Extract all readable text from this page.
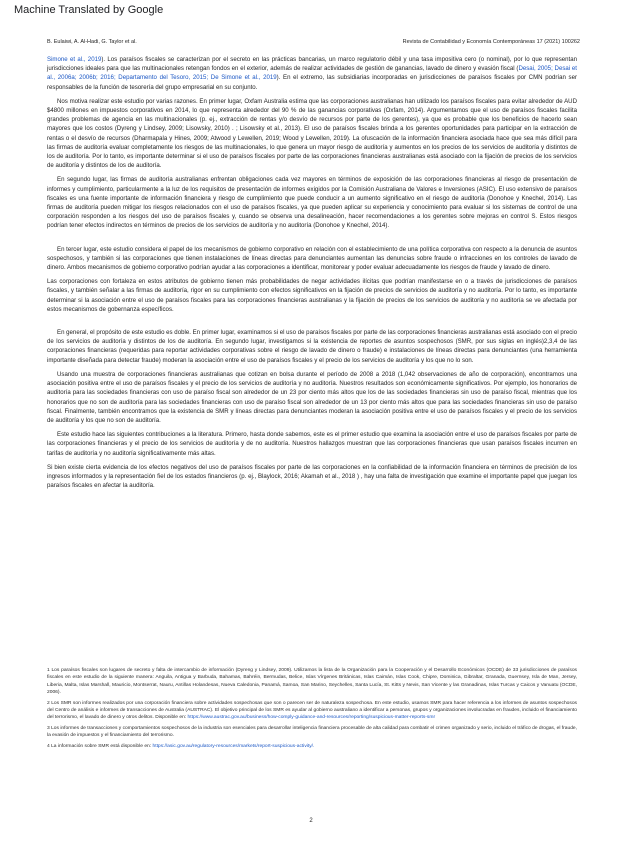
Machine Translated by Google
B. Eulaiwi, A. Al-Hadi, G. Taylor et al.	Revista de Contabilidad y Economía Contemporáneas 17 (2021) 100262

Simone et al., 2019). Los paraísos fiscales se caracterizan por el secreto en las prácticas bancarias, un marco regulatorio débil y una tasa impositiva cero (o nominal), por lo que representan jurisdicciones ideales para que las multinacionales retengan fondos en el exterior, además de realizar actividades de gestión de ganancias, lavado de dinero y evasión fiscal (Desai, 2005; Desai et al., 2006a; 2006b; 2016; Departamento del Tesoro, 2015; De Simone et al., 2019). En el extremo, las subsidiarias incorporadas en jurisdicciones de paraísos fiscales por CMN podrían ser responsables de la función de tesorería del grupo empresarial en su conjunto.

Nos motiva realizar este estudio por varias razones. En primer lugar, Oxfam Australia estima que las corporaciones australianas han utilizado los paraísos fiscales para evitar alrededor de AUD $4800 millones en impuestos corporativos en 2014, lo que representa alrededor del 90 % de las ganancias corporativas (Oxfam, 2014). Argumentamos que el uso de paraísos fiscales facilita grandes problemas de agencia en las multinacionales (p. ej., extracción de rentas y/o desvío de recursos por parte de los gerentes), ya que es probable que los beneficios de hacerlo sean mayores que los costos (Dyreng y Lindsey, 2009; Lisowsky, 2010) . ; Lisowsky et al., 2013). El uso de paraísos fiscales brinda a los gerentes oportunidades para participar en la extracción de rentas o el desvío de recursos (Dharmapala y Hines, 2009; Atwood y Lewellen, 2019; Wood y Lewellen, 2019). La ofuscación de la información financiera asociada hace que sea más difícil para las firmas de auditoría evaluar completamente los riesgos de las multinacionales, lo que genera un mayor riesgo de auditoría y aumentos en los precios de los servicios de auditoría y distintos de los de auditoría. Por lo tanto, es importante determinar si el uso de paraísos fiscales por parte de las corporaciones financieras australianas está asociado con la fijación de precios de los servicios de auditoría y distintos de los de auditoría.

En segundo lugar, las firmas de auditoría australianas enfrentan obligaciones cada vez mayores en términos de exposición de las corporaciones financieras al riesgo de presentación de informes y cumplimiento, particularmente a la luz de los requisitos de presentación de informes exigidos por la Comisión Australiana de Valores e Inversiones (ASIC). El uso extensivo de paraísos fiscales es una fuente importante de información financiera y riesgo de cumplimiento que puede conducir a un aumento significativo en el riesgo de auditoría (Donohoe y Knechel, 2014). Las firmas de auditoría pueden mitigar los riesgos relacionados con el uso de paraísos fiscales, ya que pueden aplicar su experiencia y conocimiento para evaluar si los sistemas de control de una corporación responden a los riesgos del uso de paraísos fiscales y, cuando se observa una desalineación, hacer recomendaciones a los gerentes sobre mejoras en control S. Estos riesgos podrían tener efectos indirectos en términos de precios de los servicios de auditoría y no auditoría (Donohoe y Knechel, 2014).

En tercer lugar, este estudio considera el papel de los mecanismos de gobierno corporativo en relación con el establecimiento de una política corporativa con respecto a la denuncia de asuntos sospechosos, y también si las corporaciones que tienen instalaciones de líneas directas para denunciantes aumentan las denuncias sobre fraude o infracciones en los controles de lavado de dinero. Ambos mecanismos de gobierno corporativo podrían ayudar a las corporaciones a identificar, monitorear y poder evaluar adecuadamente los riesgos de fraude y lavado de dinero.

Las corporaciones con fortaleza en estos atributos de gobierno tienen más probabilidades de negar actividades ilícitas que podrían manifestarse en o a través de jurisdicciones de paraísos fiscales, y también señalar a las firmas de auditoría, rigor en su cumplimiento con efectos significativos en la fijación de precios de servicios de auditoría y no auditoría. Por lo tanto, es importante determinar si la asociación entre el uso de paraísos fiscales para las corporaciones financieras australianas y la fijación de precios de los servicios de auditoría y no auditoría se ve afectada por estos mecanismos de gobernanza específicos.

En general, el propósito de este estudio es doble. En primer lugar, examinamos si el uso de paraísos fiscales por parte de las corporaciones financieras australianas está asociado con el precio de los servicios de auditoría y distintos de los de auditoría. En segundo lugar, investigamos si la existencia de reportes de asuntos sospechosos (SMR, por sus siglas en inglés)2,3,4 de las corporaciones financieras (requeridas para reportar actividades corporativas sobre el riesgo de lavado de dinero o fraude) e instalaciones de líneas directas para denunciantes (una herramienta importante diseñada para detectar fraude) moderan la asociación entre el uso de paraísos fiscales y el precio de los servicios de auditoría y los que no lo son.

Usando una muestra de corporaciones financieras australianas que cotizan en bolsa durante el período de 2008 a 2018 (1,042 observaciones de año de corporación), encontramos una asociación positiva entre el uso de paraísos fiscales y el precio de los servicios de auditoría y no auditoría. Nuestros resultados son económicamente significativos. Por ejemplo, los honorarios de auditoría para las sociedades financieras con uso de paraíso fiscal son alrededor de un 23 por ciento más altos que los de las sociedades financieras sin uso de paraíso fiscal, mientras que los honorarios que no son de auditoría para las sociedades financieras con uso de paraíso fiscal son alrededor de un 13 por ciento más altos que para las sociedades financieras sin uso de paraíso fiscal. Finalmente, también encontramos que la existencia de SMR y líneas directas para denunciantes moderan la asociación positiva entre el uso de paraísos fiscales y el precio de los servicios de auditoría y los que no son de auditoría.

Este estudio hace las siguientes contribuciones a la literatura. Primero, hasta donde sabemos, este es el primer estudio que examina la asociación entre el uso de paraísos fiscales por parte de las corporaciones financieras y el precio de los servicios de auditoría y de no auditoría. Nuestros hallazgos muestran que las corporaciones financieras que usan paraísos fiscales incurren en tarifas de auditoría y no auditoría significativamente más altas.

Si bien existe cierta evidencia de los efectos negativos del uso de paraísos fiscales por parte de las corporaciones en la confiabilidad de la información financiera en términos de precisión de los ingresos informados y la representación fiel de los estados financieros (p. ej., Blaylock, 2016; Akamah et al., 2018 ) , hay una falta de investigación que examine el importante papel que juegan los paraísos fiscales en afectar la auditoría.

1 Los paraísos fiscales son lugares de secreto y falta de intercambio de información (Dyreng y Lindsey, 2009). Utilizamos la lista de la Organización para la Cooperación y el Desarrollo Económicos (OCDE) de 33 jurisdicciones de paraísos fiscales en este estudio de la siguiente manera: Anguila, Antigua y Barbuda, Bahamas, Bahréin, Bermudas, Belice, Islas Vírgenes Británicas, Islas Caimán, Islas Cook, Chipre, Dominica, Gibraltar, Granada, Guernsey, Isla de Man, Jersey, Liberia, Malta, Islas Marshall, Mauricio, Montserrat, Nauru, Antillas Holandesas, Nueva Caledonia, Panamá, Samoa, San Marino, Seychelles, Santa Lucía, St. Kitts y Nevis, San Vicente y las Granadinas, Islas Turcas y Caicos y Vanuatu (OCDE, 2006).

2 Los SMR son informes realizados por una corporación financiera sobre actividades sospechosas que son o parecen ser de naturaleza sospechosa. En este estudio, usamos SMR para hacer referencia a los informes de asuntos sospechosos del Centro de análisis e informes de transacciones de Australia (AUSTRAC). El objetivo principal de los SMR es ayudar al gobierno australiano a identificar a personas, grupos y organizaciones involucradas en fraudes, incluido el financiamiento del terrorismo, el lavado de dinero y otros delitos. Disponible en: https://www.austrac.gov.au/business/how-comply-guidance-and-resources/reporting/suspicious-matter-reports-smr

3 Los informes de transacciones y comportamientos sospechosos de la industria son esenciales para desarrollar inteligencia financiera procesable de alta calidad para combatir el crimen organizado y serio, incluido el tráfico de drogas, el fraude, la evasión de impuestos y el financiamiento del terrorismo.

4 La información sobre SMR está disponible en: https://asic.gov.au/regulatory-resources/markets/report-suspicious-activity/.

2
